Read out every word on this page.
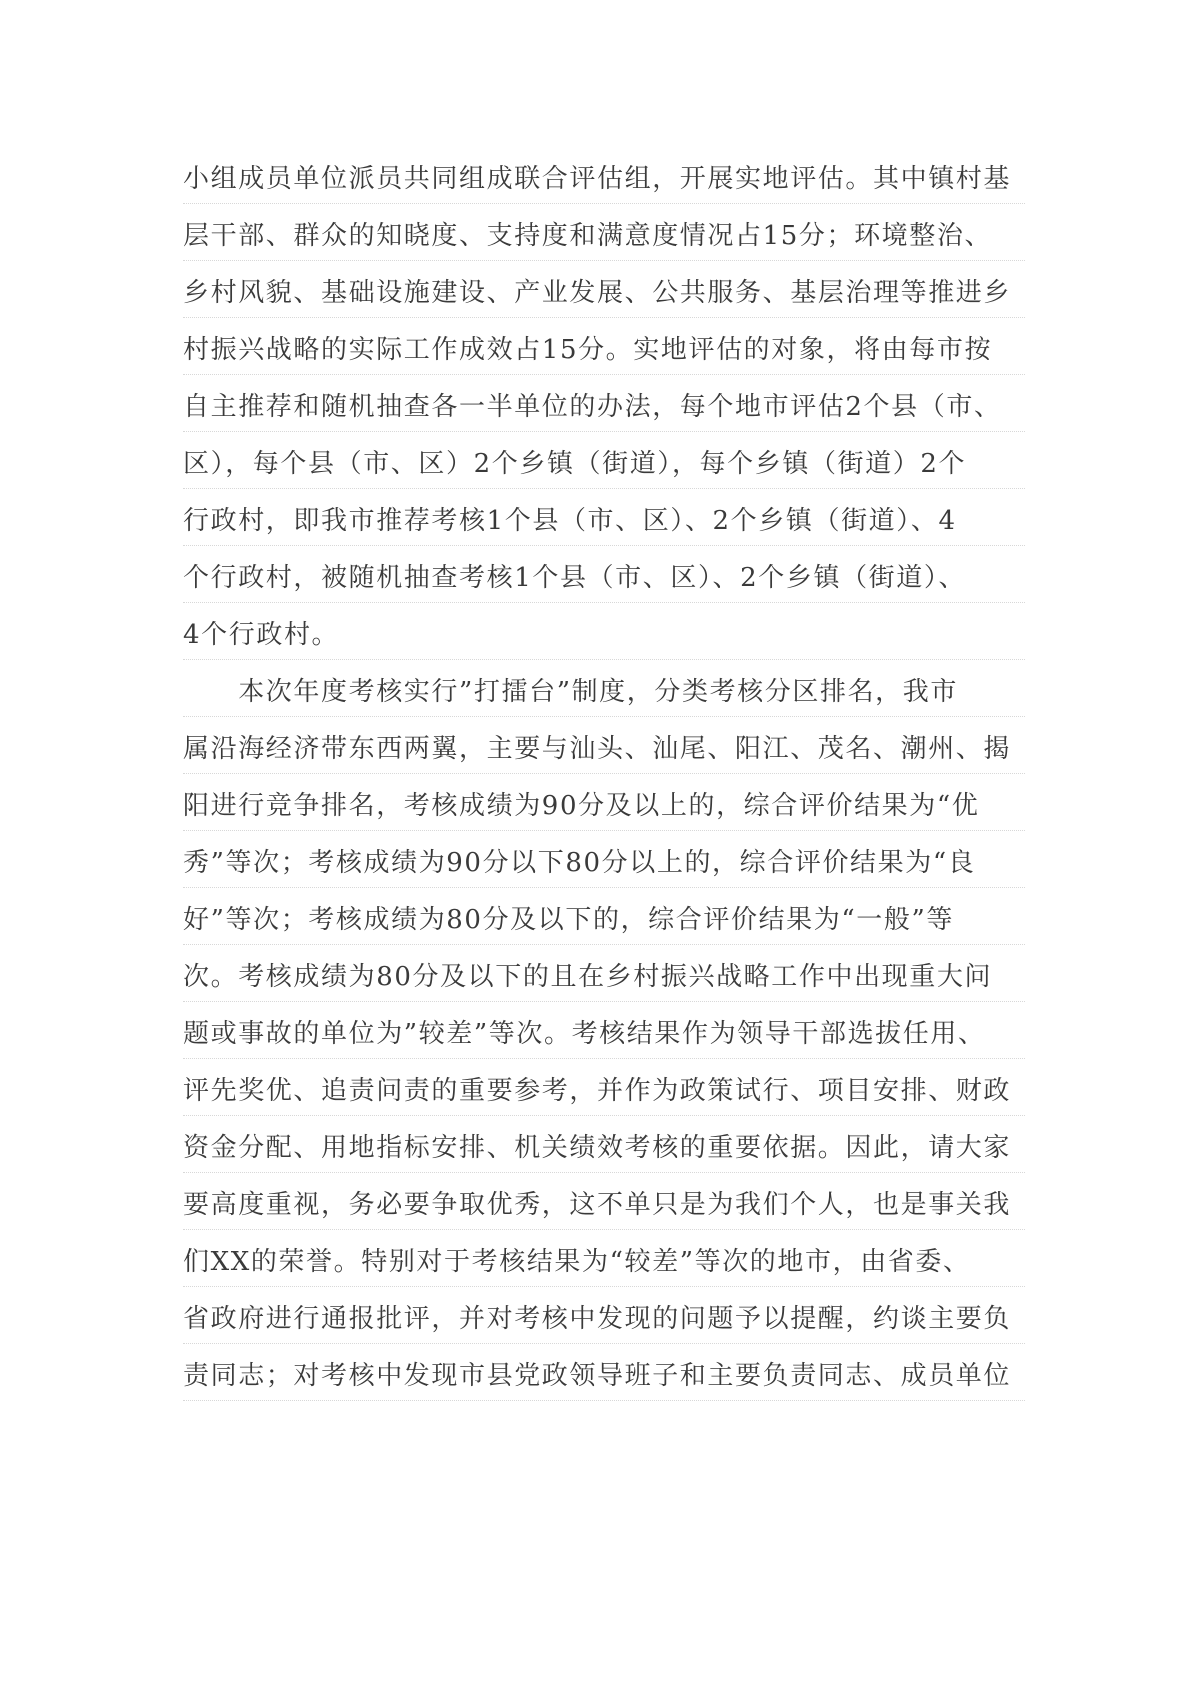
小组成员单位派员共同组成联合评估组，开展实地评估。其中镇村基
层干部、群众的知晓度、支持度和满意度情况占15分；环境整治、
乡村风貌、基础设施建设、产业发展、公共服务、基层治理等推进乡
村振兴战略的实际工作成效占15分。实地评估的对象，将由每市按
自主推荐和随机抽查各一半单位的办法，每个地市评估2个县（市、
区），每个县（市、区）2个乡镇（街道），每个乡镇（街道）2个
行政村，即我市推荐考核1个县（市、区）、2个乡镇（街道）、4
个行政村，被随机抽查考核1个县（市、区）、2个乡镇（街道）、
4个行政村。
　　本次年度考核实行”打擂台”制度，分类考核分区排名，我市
属沿海经济带东西两翼，主要与汕头、汕尾、阳江、茂名、潮州、揭
阳进行竞争排名，考核成绩为90分及以上的，综合评价结果为“优
秀”等次；考核成绩为90分以下80分以上的，综合评价结果为“良
好”等次；考核成绩为80分及以下的，综合评价结果为“一般”等
次。考核成绩为80分及以下的且在乡村振兴战略工作中出现重大问
题或事故的单位为”较差”等次。考核结果作为领导干部选拔任用、
评先奖优、追责问责的重要参考，并作为政策试行、项目安排、财政
资金分配、用地指标安排、机关绩效考核的重要依据。因此，请大家
要高度重视，务必要争取优秀，这不单只是为我们个人，也是事关我
们XX的荣誉。特别对于考核结果为“较差”等次的地市，由省委、
省政府进行通报批评，并对考核中发现的问题予以提醒，约谈主要负
责同志；对考核中发现市县党政领导班子和主要负责同志、成员单位
